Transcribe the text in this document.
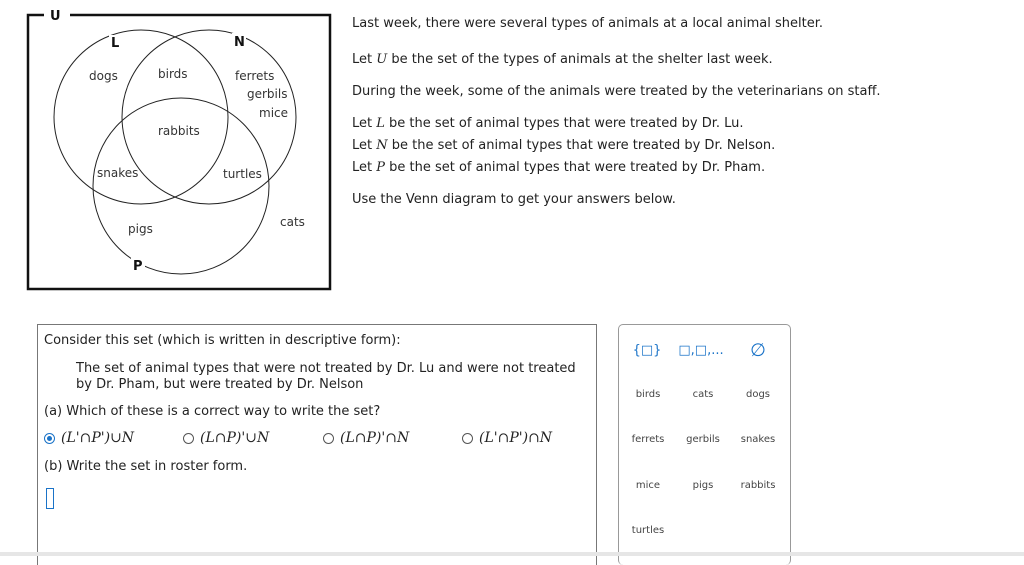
U
L	N
P
dogs	birds	ferrets
gerbils
mice
rabbits
snakes	turtles
cats
pigs
Last week, there were several types of animals at a local animal shelter.
Let U be the set of the types of animals at the shelter last week.
During the week, some of the animals were treated by the veterinarians on staff.
Let L be the set of animal types that were treated by Dr. Lu.
Let N be the set of animal types that were treated by Dr. Nelson.
Let P be the set of animal types that were treated by Dr. Pham.
Use the Venn diagram to get your answers below.
Consider this set (which is written in descriptive form):
The set of animal types that were not treated by Dr. Lu and were not treated
by Dr. Pham, but were treated by Dr. Nelson
(a) Which of these is a correct way to write the set?
(L'∩P')∪N	(L∩P)'∪N	(L∩P)'∩N	(L'∩P')∩N
(b) Write the set in roster form.
{□} □,□,...	∅
birds	cats	dogs
ferrets	gerbils	snakes
mice	pigs	rabbits
turtles
